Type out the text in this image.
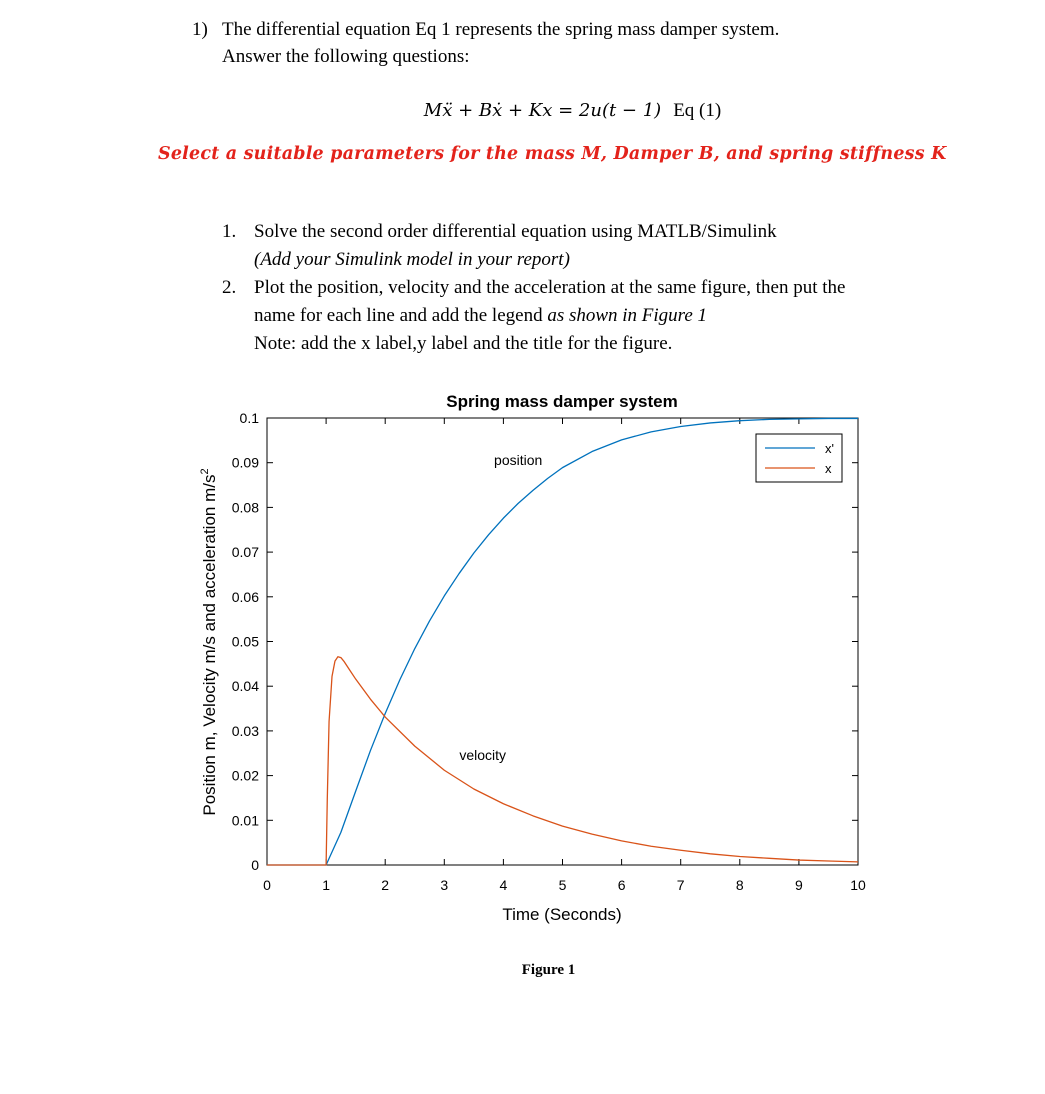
1) The differential equation Eq 1 represents the spring mass damper system.
Answer the following questions:
Mẍ + Bẋ + Kx = 2u(t − 1) Eq (1)
Select a suitable parameters for the mass M, Damper B, and spring stiffness K
1. Solve the second order differential equation using MATLB/Simulink
(Add your Simulink model in your report)
2. Plot the position, velocity and the acceleration at the same figure, then put the
name for each line and add the legend as shown in Figure 1
Note: add the x label,y label and the title for the figure.
Spring mass damper system
0	1	2	3	4	5	6	7	8	9	10
0
0.01
0.02
0.03
0.04
0.05
0.06
0.07
0.08
0.09
0.1
position
velocity
Time (Seconds)
Position m, Velocity m/s and acceleration $m/s^2$
x'
x
Figure 1
